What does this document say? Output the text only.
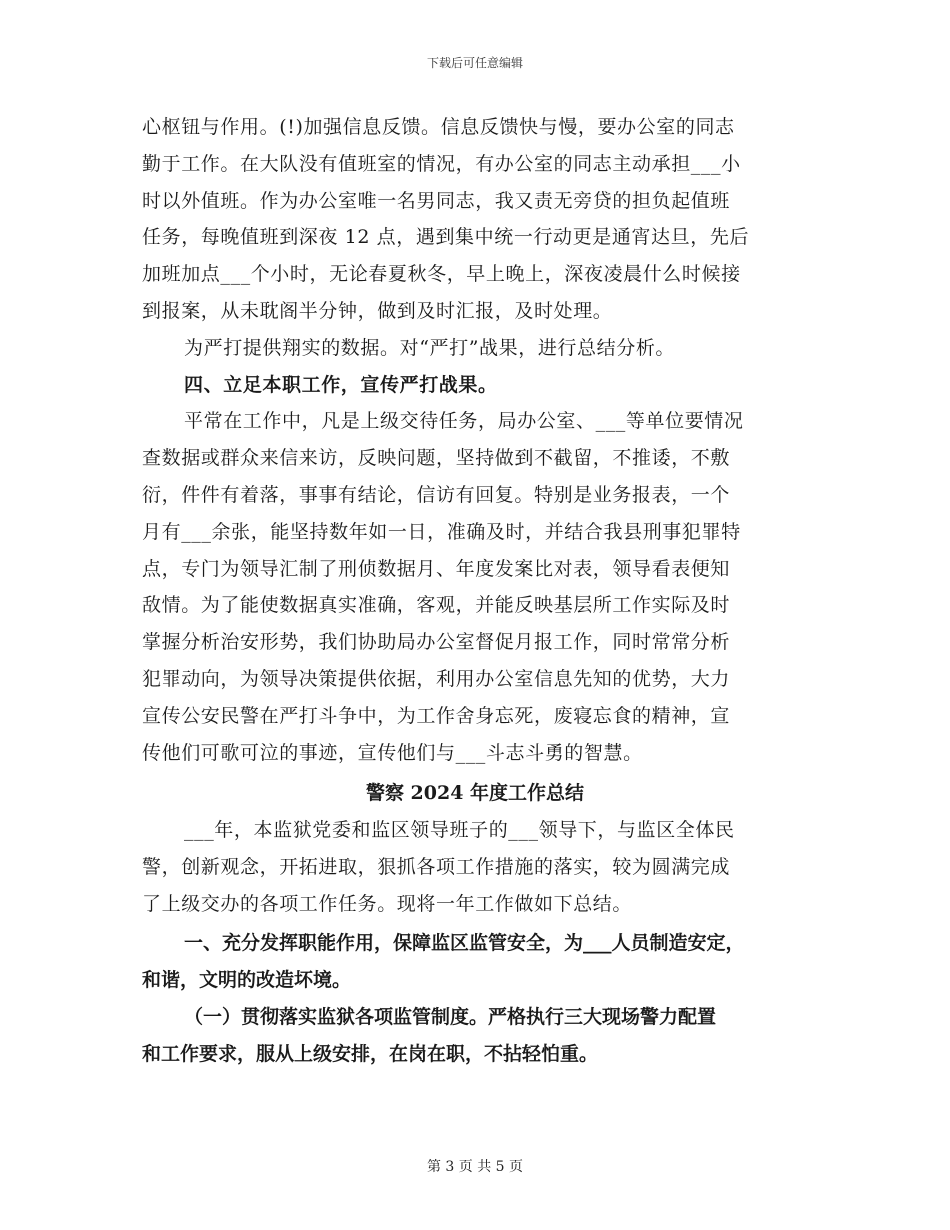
下载后可任意编辑
心枢钮与作用。(!)加强信息反馈。信息反馈快与慢，要办公室的同志
勤于工作。在大队没有值班室的情况，有办公室的同志主动承担___小
时以外值班。作为办公室唯一名男同志，我又责无旁贷的担负起值班
任务，每晚值班到深夜 12 点，遇到集中统一行动更是通宵达旦，先后
加班加点___个小时，无论春夏秋冬，早上晚上，深夜凌晨什么时候接
到报案，从未耽阁半分钟，做到及时汇报，及时处理。
为严打提供翔实的数据。对“严打”战果，进行总结分析。
四、立足本职工作，宣传严打战果。
平常在工作中，凡是上级交待任务，局办公室、___等单位要情况
查数据或群众来信来访，反映问题，坚持做到不截留，不推诿，不敷
衍，件件有着落，事事有结论，信访有回复。特别是业务报表，一个
月有___余张，能坚持数年如一日，准确及时，并结合我县刑事犯罪特
点，专门为领导汇制了刑侦数据月、年度发案比对表，领导看表便知
敌情。为了能使数据真实准确，客观，并能反映基层所工作实际及时
掌握分析治安形势，我们协助局办公室督促月报工作，同时常常分析
犯罪动向，为领导决策提供依据，利用办公室信息先知的优势，大力
宣传公安民警在严打斗争中，为工作舍身忘死，废寝忘食的精神，宣
传他们可歌可泣的事迹，宣传他们与___斗志斗勇的智慧。
警察 2024 年度工作总结
___年，本监狱党委和监区领导班子的___领导下，与监区全体民
警，创新观念，开拓进取，狠抓各项工作措施的落实，较为圆满完成
了上级交办的各项工作任务。现将一年工作做如下总结。
一、充分发挥职能作用，保障监区监管安全，为___人员制造安定，
和谐，文明的改造坏境。
（一）贯彻落实监狱各项监管制度。严格执行三大现场警力配置
和工作要求，服从上级安排，在岗在职，不拈轻怕重。
第 3 页 共 5 页
